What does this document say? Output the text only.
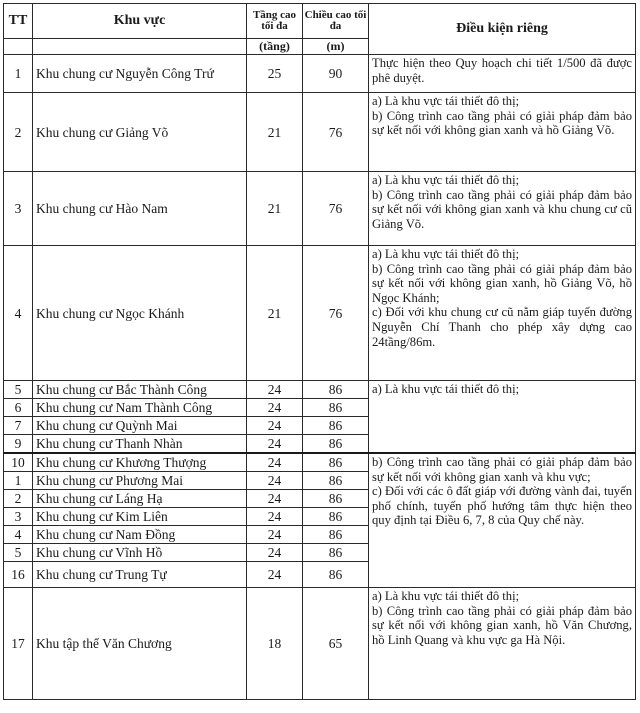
TT	Khu vực	Tầng cao tối đa	Chiều cao tối đa	Điều kiện riêng
		(tầng)	(m)	
1	Khu chung cư Nguyễn Công Trứ	25	90	Thực hiện theo Quy hoạch chi tiết 1/500 đã được phê duyệt.

2	Khu chung cư Giảng Võ	21	76	a) Là khu vực tái thiết đô thị;

b) Công trình cao tầng phải có giải pháp đảm bảo sự kết nối với không gian xanh và hồ Giảng Võ.

3	Khu chung cư Hào Nam	21	76	a) Là khu vực tái thiết đô thị;

b) Công trình cao tầng phải có giải pháp đảm bảo sự kết nối với không gian xanh và khu chung cư cũ Giảng Võ.

4	Khu chung cư Ngọc Khánh	21	76	a) Là khu vực tái thiết đô thị;

b) Công trình cao tầng phải có giải pháp đảm bảo sự kết nối với không gian xanh, hồ Giảng Võ, hồ Ngọc Khánh;

c) Đối với khu chung cư cũ nằm giáp tuyến đường Nguyễn Chí Thanh cho phép xây dựng cao 24tầng/86m.

5	Khu chung cư Bắc Thành Công	24	86	a) Là khu vực tái thiết đô thị;

6	Khu chung cư Nam Thành Công	24	86	
7	Khu chung cư Quỳnh Mai	24	86	
9	Khu chung cư Thanh Nhàn	24	86	
10	Khu chung cư Khương Thượng	24	86	b) Công trình cao tầng phải có giải pháp đảm bảo sự kết nối với không gian xanh và khu vực;

c) Đối với các ô đất giáp với đường vành đai, tuyến phố chính, tuyến phố hướng tâm thực hiện theo quy định tại Điều 6, 7, 8 của Quy chế này.

1	Khu chung cư Phương Mai	24	86	
2	Khu chung cư Láng Hạ	24	86	
3	Khu chung cư Kim Liên	24	86	
4	Khu chung cư Nam Đồng	24	86	
5	Khu chung cư Vĩnh Hồ	24	86	
16	Khu chung cư Trung Tự	24	86	
17	Khu tập thể Văn Chương	18	65	a) Là khu vực tái thiết đô thị;

b) Công trình cao tầng phải có giải pháp đảm bảo sự kết nối với không gian xanh, hồ Văn Chương, hồ Linh Quang và khu vực ga Hà Nội.
